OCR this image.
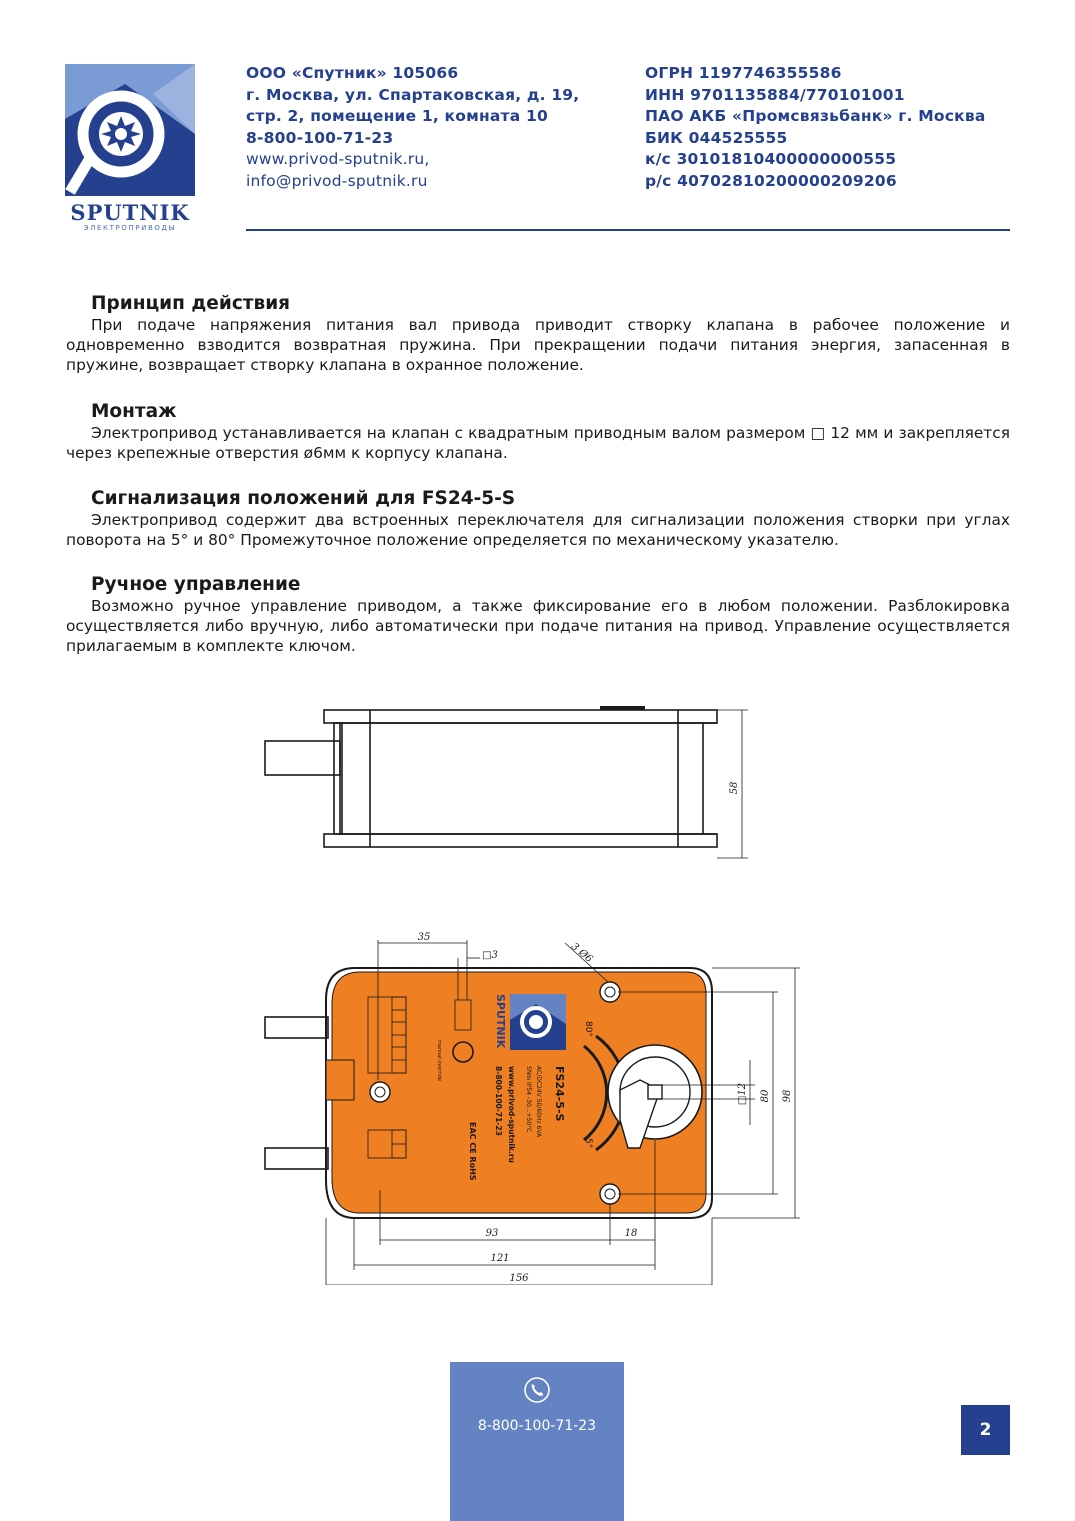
SPUTNIK
ЭЛЕКТРОПРИВОДЫ
ООО «Спутник» 105066
г. Москва, ул. Спартаковская, д. 19,
стр. 2, помещение 1, комната 10
8-800-100-71-23
www.privod-sputnik.ru,
info@privod-sputnik.ru
ОГРН 1197746355586
ИНН 9701135884/770101001
ПАО АКБ «Промсвязьбанк» г. Москва
БИК 044525555
к/с 30101810400000000555
р/с 40702810200000209206
Принцип действия
При подаче напряжения питания вал привода приводит створку клапана в рабочее положение и одновременно взводится возвратная пружина. При прекращении подачи питания энергия, запасенная в пружине, возвращает створку клапана в охранное положение.
Монтаж
Электропривод устанавливается на клапан с квадратным приводным валом размером □ 12 мм и закрепляется через крепежные отверстия ø6мм к корпусу клапана.
Сигнализация положений для FS24-5-S
Электропривод содержит два встроенных переключателя для сигнализации положения створки при углах поворота на 5° и 80° Промежуточное положение определяется по механическому указателю.
Ручное управление
Возможно ручное управление приводом, а также фиксирование его в любом положении. Разблокировка осуществляется либо вручную, либо автоматически при подаче питания на привод. Управление осуществляется прилагаемым в комплекте ключом.
58
SPUTNIK
FS24-5-S
AC/DC24V 50/60Hz 6VA
5Nm IP54 -30...+50°C
www.privod-sputnik.ru
8-800-100-71-23
EAC CE RoHS
manual override
80°
5°
35
□3	3 Ø6
□12 80 98
93	18
121
156
8-800-100-71-23	2
